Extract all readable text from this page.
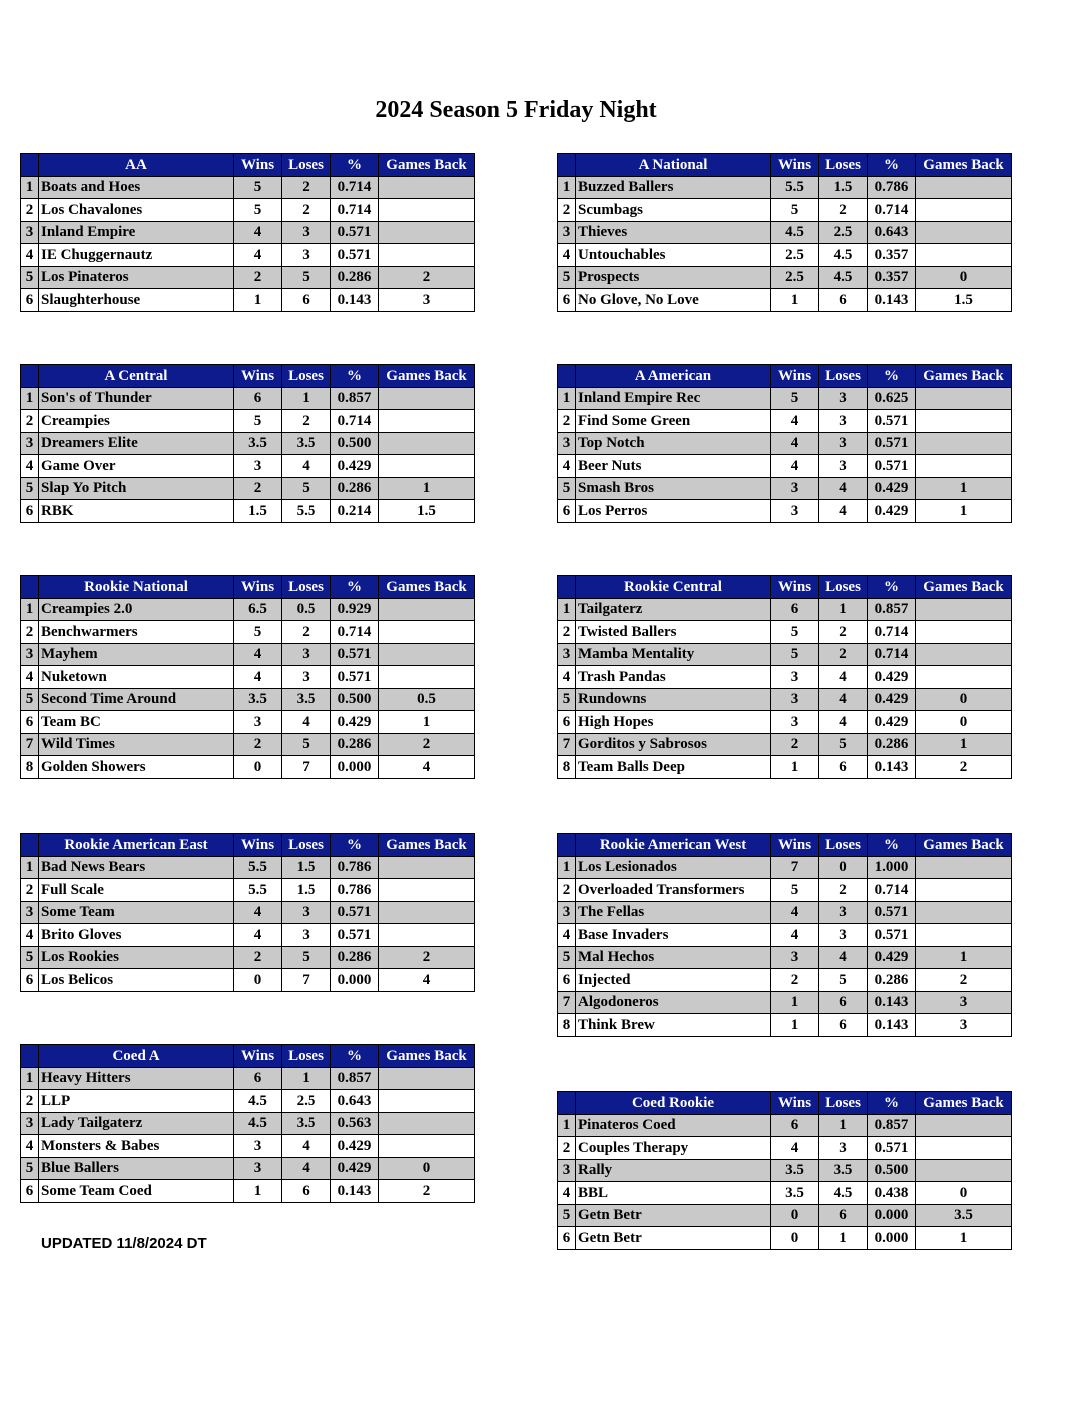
2024 Season 5 Friday Night
	AA	Wins	Loses	%	Games Back
1	Boats and Hoes	5	2	0.714	
2	Los Chavalones	5	2	0.714	
3	Inland Empire	4	3	0.571	
4	IE Chuggernautz	4	3	0.571	
5	Los Pinateros	2	5	0.286	2
6	Slaughterhouse	1	6	0.143	3
	A National	Wins	Loses	%	Games Back
1	Buzzed Ballers	5.5	1.5	0.786	
2	Scumbags	5	2	0.714	
3	Thieves	4.5	2.5	0.643	
4	Untouchables	2.5	4.5	0.357	
5	Prospects	2.5	4.5	0.357	0
6	No Glove, No Love	1	6	0.143	1.5
	A Central	Wins	Loses	%	Games Back
1	Son's of Thunder	6	1	0.857	
2	Creampies	5	2	0.714	
3	Dreamers Elite	3.5	3.5	0.500	
4	Game Over	3	4	0.429	
5	Slap Yo Pitch	2	5	0.286	1
6	RBK	1.5	5.5	0.214	1.5
	A American	Wins	Loses	%	Games Back
1	Inland Empire Rec	5	3	0.625	
2	Find Some Green	4	3	0.571	
3	Top Notch	4	3	0.571	
4	Beer Nuts	4	3	0.571	
5	Smash Bros	3	4	0.429	1
6	Los Perros	3	4	0.429	1
	Rookie National	Wins	Loses	%	Games Back
1	Creampies 2.0	6.5	0.5	0.929	
2	Benchwarmers	5	2	0.714	
3	Mayhem	4	3	0.571	
4	Nuketown	4	3	0.571	
5	Second Time Around	3.5	3.5	0.500	0.5
6	Team BC	3	4	0.429	1
7	Wild Times	2	5	0.286	2
8	Golden Showers	0	7	0.000	4
	Rookie Central	Wins	Loses	%	Games Back
1	Tailgaterz	6	1	0.857	
2	Twisted Ballers	5	2	0.714	
3	Mamba Mentality	5	2	0.714	
4	Trash Pandas	3	4	0.429	
5	Rundowns	3	4	0.429	0
6	High Hopes	3	4	0.429	0
7	Gorditos y Sabrosos	2	5	0.286	1
8	Team Balls Deep	1	6	0.143	2
	Rookie American East	Wins	Loses	%	Games Back
1	Bad News Bears	5.5	1.5	0.786	
2	Full Scale	5.5	1.5	0.786	
3	Some Team	4	3	0.571	
4	Brito Gloves	4	3	0.571	
5	Los Rookies	2	5	0.286	2
6	Los Belicos	0	7	0.000	4
	Rookie American West	Wins	Loses	%	Games Back
1	Los Lesionados	7	0	1.000	
2	Overloaded Transformers	5	2	0.714	
3	The Fellas	4	3	0.571	
4	Base Invaders	4	3	0.571	
5	Mal Hechos	3	4	0.429	1
6	Injected	2	5	0.286	2
7	Algodoneros	1	6	0.143	3
8	Think Brew	1	6	0.143	3
	Coed A	Wins	Loses	%	Games Back
1	Heavy Hitters	6	1	0.857	
2	LLP	4.5	2.5	0.643	
3	Lady Tailgaterz	4.5	3.5	0.563	
4	Monsters & Babes	3	4	0.429	
5	Blue Ballers	3	4	0.429	0
6	Some Team Coed	1	6	0.143	2
	Coed Rookie	Wins	Loses	%	Games Back
1	Pinateros Coed	6	1	0.857	
2	Couples Therapy	4	3	0.571	
3	Rally	3.5	3.5	0.500	
4	BBL	3.5	4.5	0.438	0
5	Getn Betr	0	6	0.000	3.5
6	Getn Betr	0	1	0.000	1
UPDATED 11/8/2024 DT
